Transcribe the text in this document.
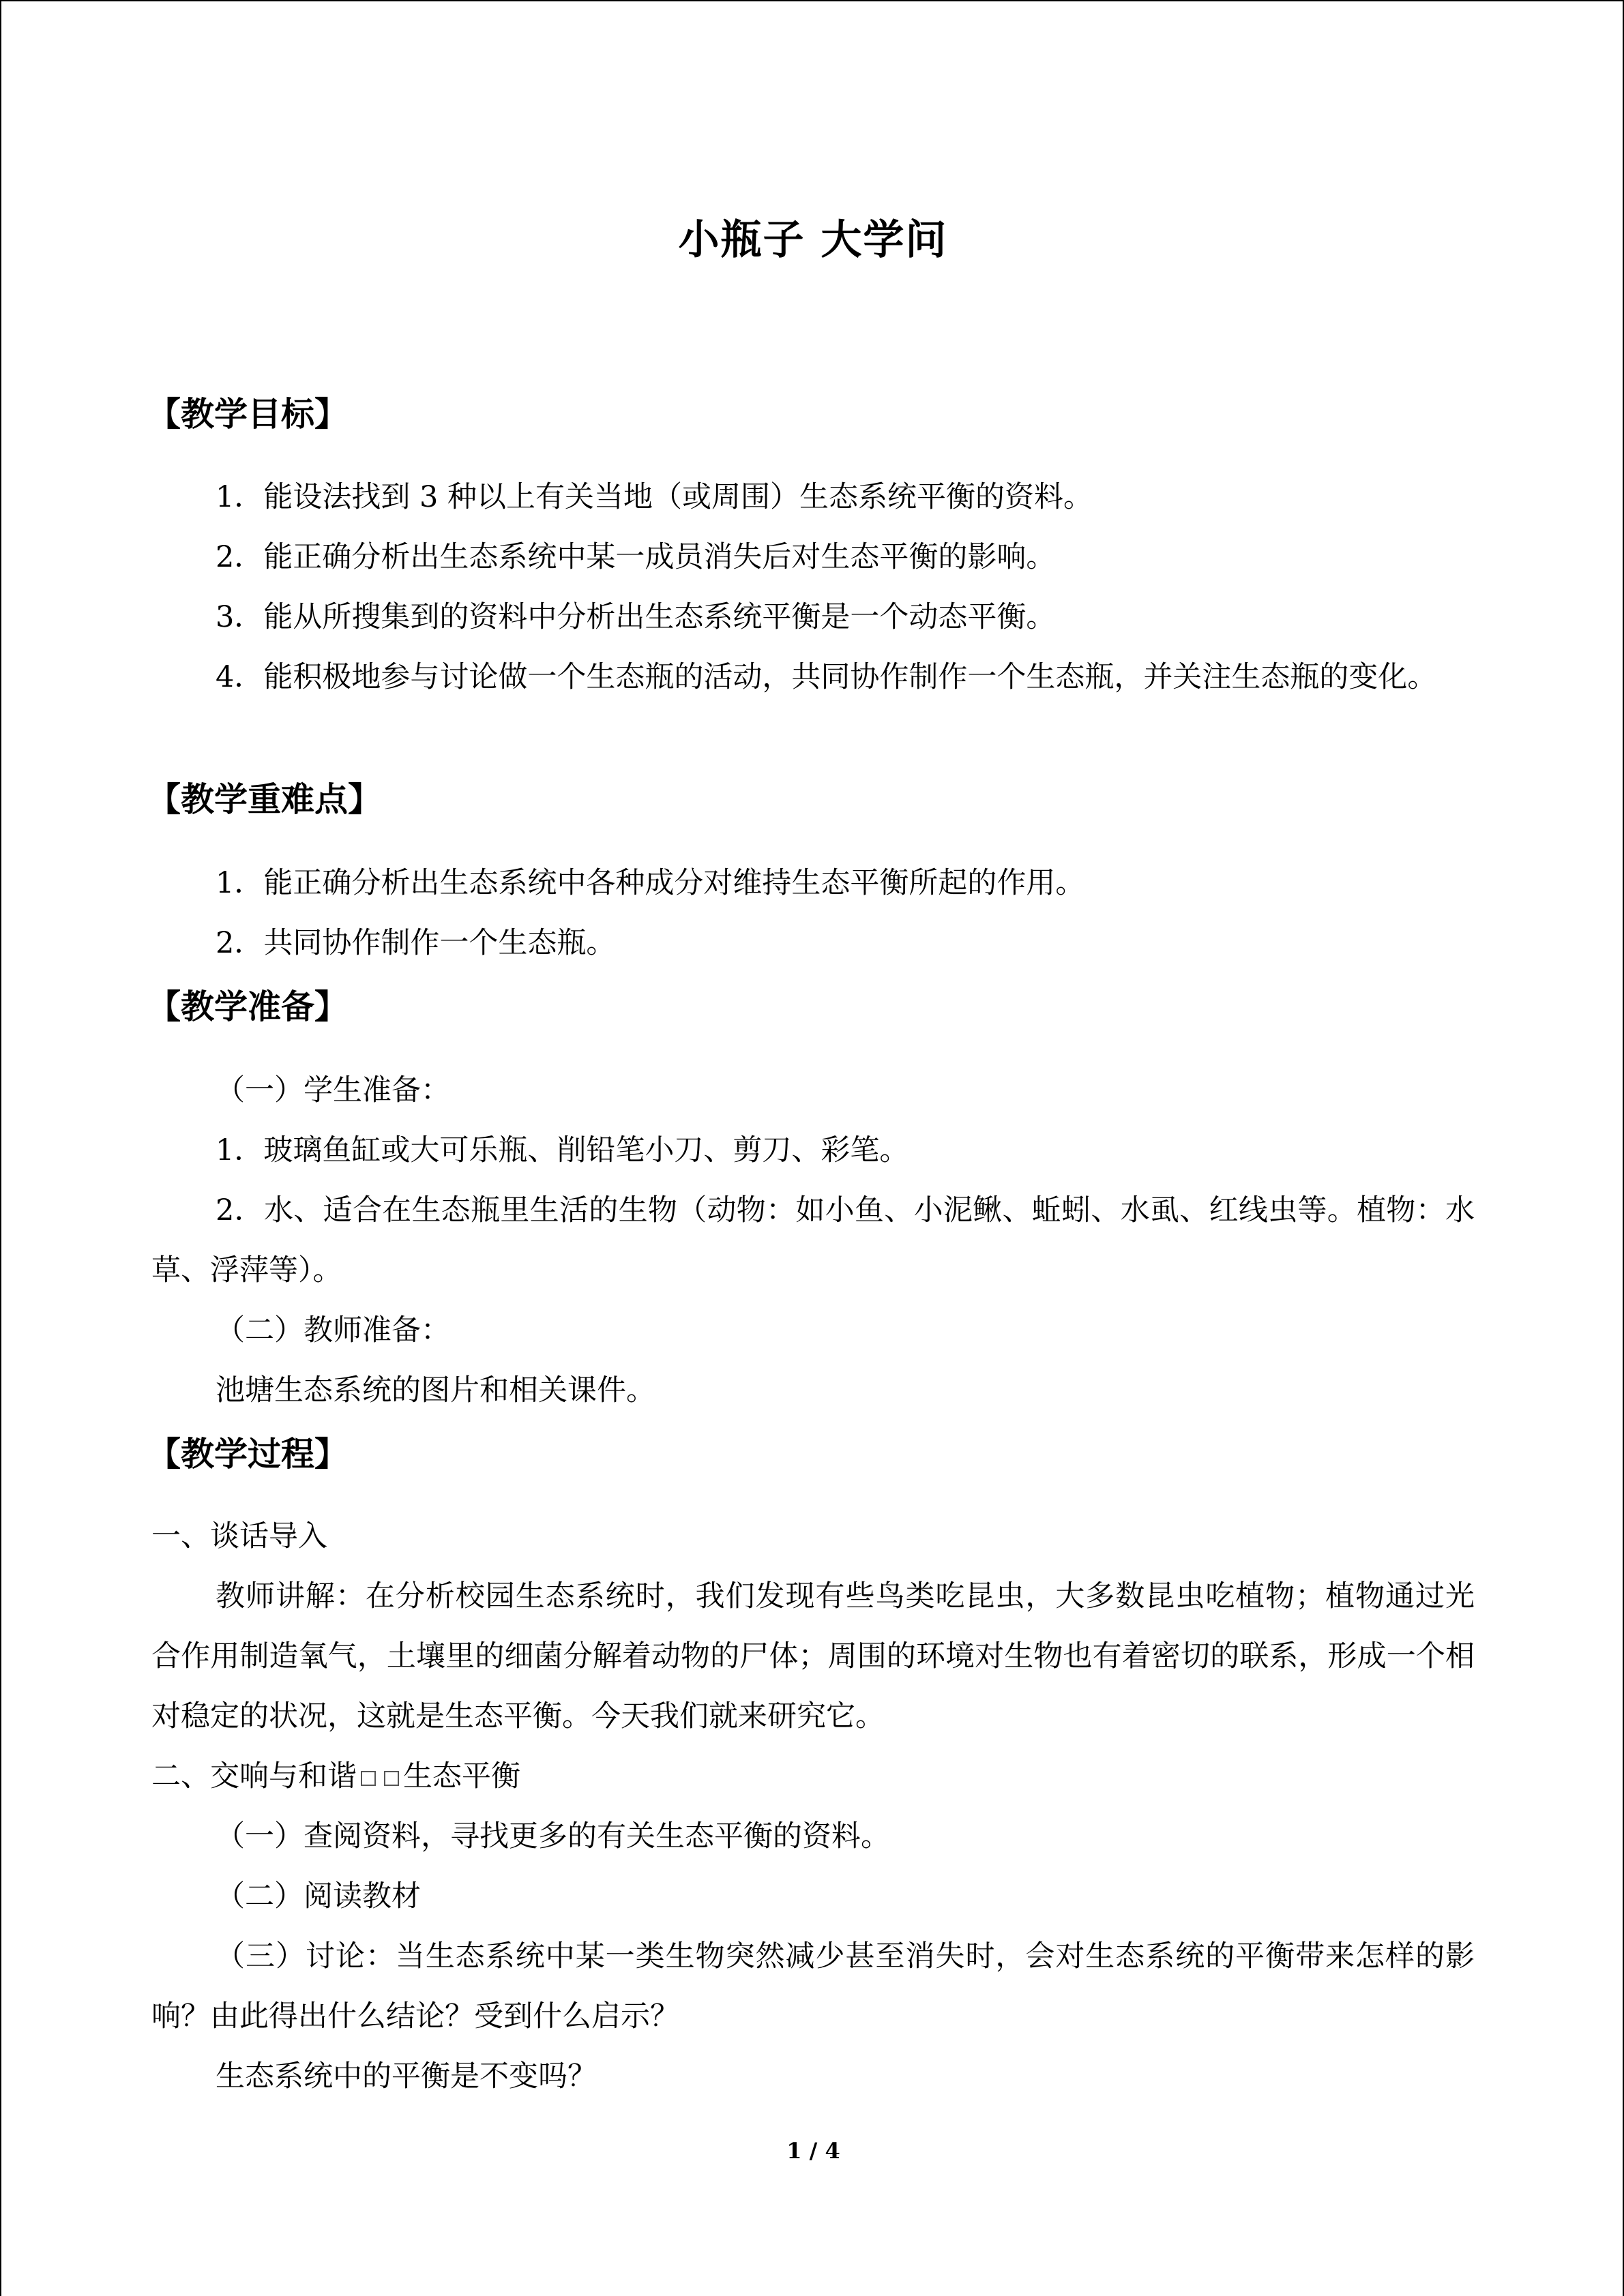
小瓶子 大学问
【教学目标】
1．能设法找到 3 种以上有关当地（或周围）生态系统平衡的资料。
2．能正确分析出生态系统中某一成员消失后对生态平衡的影响。
3．能从所搜集到的资料中分析出生态系统平衡是一个动态平衡。
4．能积极地参与讨论做一个生态瓶的活动，共同协作制作一个生态瓶，并关注生态瓶的变化。
【教学重难点】
1．能正确分析出生态系统中各种成分对维持生态平衡所起的作用。
2．共同协作制作一个生态瓶。
【教学准备】
（一）学生准备：
1．玻璃鱼缸或大可乐瓶、削铅笔小刀、剪刀、彩笔。
2．水、适合在生态瓶里生活的生物（动物：如小鱼、小泥鳅、蚯蚓、水虱、红线虫等。植物：水草、浮萍等）。
（二）教师准备：
池塘生态系统的图片和相关课件。
【教学过程】
一、谈话导入
教师讲解：在分析校园生态系统时，我们发现有些鸟类吃昆虫，大多数昆虫吃植物；植物通过光合作用制造氧气，土壤里的细菌分解着动物的尸体；周围的环境对生物也有着密切的联系，形成一个相对稳定的状况，这就是生态平衡。今天我们就来研究它。
二、交响与和谐 生态平衡
（一）查阅资料，寻找更多的有关生态平衡的资料。
（二）阅读教材
（三）讨论：当生态系统中某一类生物突然减少甚至消失时，会对生态系统的平衡带来怎样的影响？由此得出什么结论？受到什么启示？
生态系统中的平衡是不变吗？
1 / 4
